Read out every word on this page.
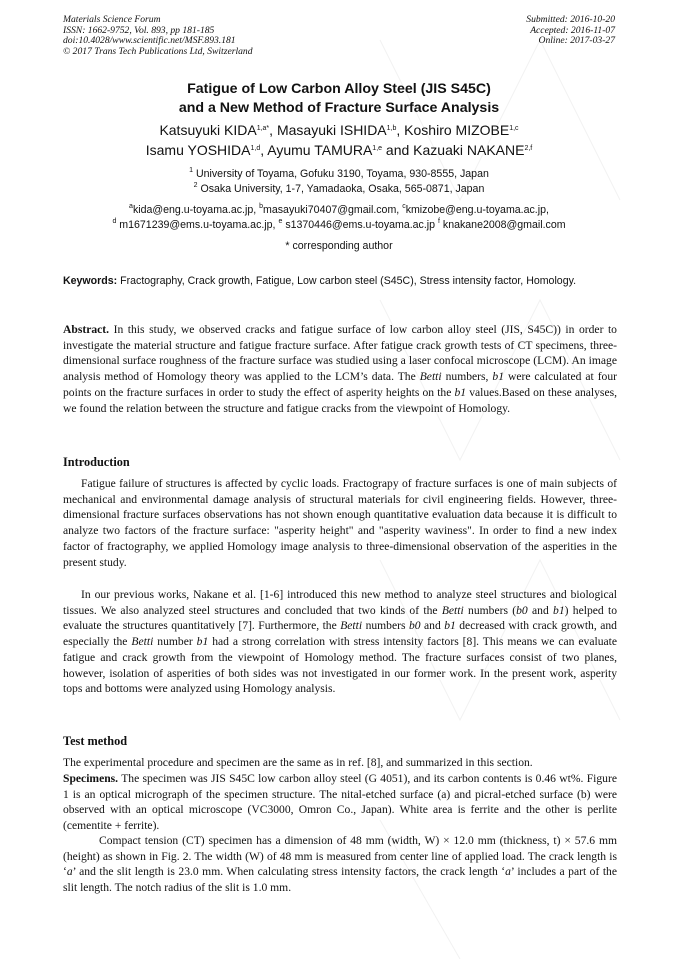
Materials Science Forum
ISSN: 1662-9752, Vol. 893, pp 181-185
doi:10.4028/www.scientific.net/MSF.893.181
© 2017 Trans Tech Publications Ltd, Switzerland
Submitted: 2016-10-20
Accepted: 2016-11-07
Online: 2017-03-27
Fatigue of Low Carbon Alloy Steel (JIS S45C)
and a New Method of Fracture Surface Analysis
Katsuyuki $KIDA^{1,a*}$, Masayuki ISHIDA$^{1,b}$, Koshiro MIZOBE$^{1,c}$
Isamu YOSHIDA$^{1,d}$, Ayumu TAMURA$^{1,e}$ and Kazuaki NAKANE$^{2,f}$
$^1$ University of Toyama, Gofuku 3190, Toyama, 930-8555, Japan
$^2$ Osaka University, 1-7, Yamadaoka, Osaka, 565-0871, Japan
$^a$kida@eng.u-toyama.ac.jp, $^b$masayuki70407@gmail.com, $^c$kmizobe@eng.u-toyama.ac.jp,
$^d$ m1671239@ems.u-toyama.ac.jp, $^e$ s1370446@ems.u-toyama.ac.jp $^f$ knakane2008@gmail.com
* corresponding author
Keywords: Fractography, Crack growth, Fatigue, Low carbon steel (S45C), Stress intensity factor, Homology.
Abstract. In this study, we observed cracks and fatigue surface of low carbon alloy steel (JIS, S45C)) in order to investigate the material structure and fatigue fracture surface. After fatigue crack growth tests of CT specimens, three-dimensional surface roughness of the fracture surface was studied using a laser confocal microscope (LCM). An image analysis method of Homology theory was applied to the LCM’s data. The Betti numbers, b1 were calculated at four points on the fracture surfaces in order to study the effect of asperity heights on the b1 values.Based on these analyses, we found the relation between the structure and fatigue cracks from the viewpoint of Homology.
Introduction
Fatigue failure of structures is affected by cyclic loads. Fractograpy of fracture surfaces is one of main subjects of mechanical and environmental damage analysis of structural materials for civil engineering fields. However, three-dimensional fracture surfaces observations has not shown enough quantitative evaluation data because it is difficult to analyze two factors of the fracture surface: "asperity height" and "asperity waviness". In order to find a new index factor of fractography, we applied Homology image analysis to three-dimensional observation of the asperities in the present study.
In our previous works, Nakane et al. [1-6] introduced this new method to analyze steel structures and biological tissues. We also analyzed steel structures and concluded that two kinds of the Betti numbers (b0 and b1) helped to evaluate the structures quantitatively [7]. Furthermore, the Betti numbers b0 and b1 decreased with crack growth, and especially the Betti number b1 had a strong correlation with stress intensity factors [8]. This means we can evaluate fatigue and crack growth from the viewpoint of Homology method. The fracture surfaces consist of two planes, however, isolation of asperities of both sides was not investigated in our former work. In the present work, asperity tops and bottoms were analyzed using Homology analysis.
Test method
The experimental procedure and specimen are the same as in ref. [8], and summarized in this section.
Specimens. The specimen was JIS S45C low carbon alloy steel (G 4051), and its carbon contents is 0.46 wt%. Figure 1 is an optical micrograph of the specimen structure. The nital-etched surface (a) and picral-etched surface (b) were observed with an optical microscope (VC3000, Omron Co., Japan). White area is ferrite and the other is perlite (cementite + ferrite).
Compact tension (CT) specimen has a dimension of 48 mm (width, W) × 12.0 mm (thickness, t) × 57.6 mm (height) as shown in Fig. 2. The width (W) of 48 mm is measured from center line of applied load. The crack length is ‘a’ and the slit length is 23.0 mm. When calculating stress intensity factors, the crack length ‘a’ includes a part of the slit length. The notch radius of the slit is 1.0 mm.
